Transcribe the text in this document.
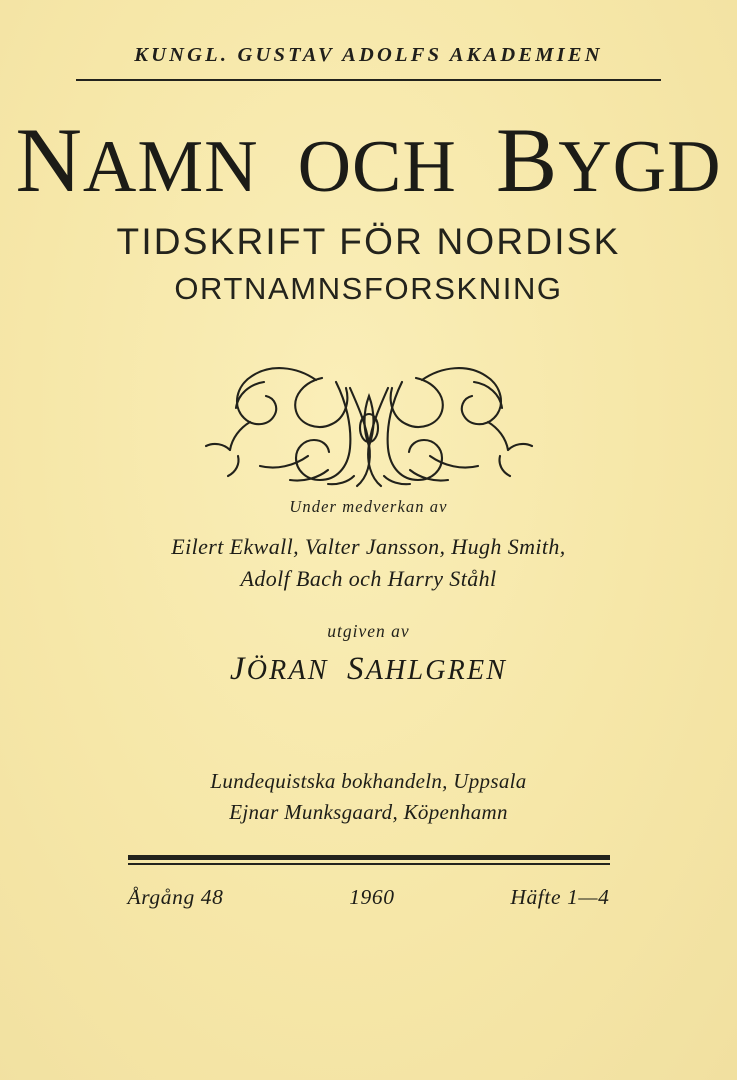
KUNGL. GUSTAV ADOLFS AKADEMIEN
NAMN OCH BYGD
TIDSKRIFT FÖR NORDISK
ORTNAMNSFORSKNING
Under medverkan av
Eilert Ekwall, Valter Jansson, Hugh Smith,
Adolf Bach och Harry Ståhl
utgiven av
JÖRAN SAHLGREN
Lundequistska bokhandeln, Uppsala
Ejnar Munksgaard, Köpenhamn
Årgång 48	1960	Häfte 1—4
